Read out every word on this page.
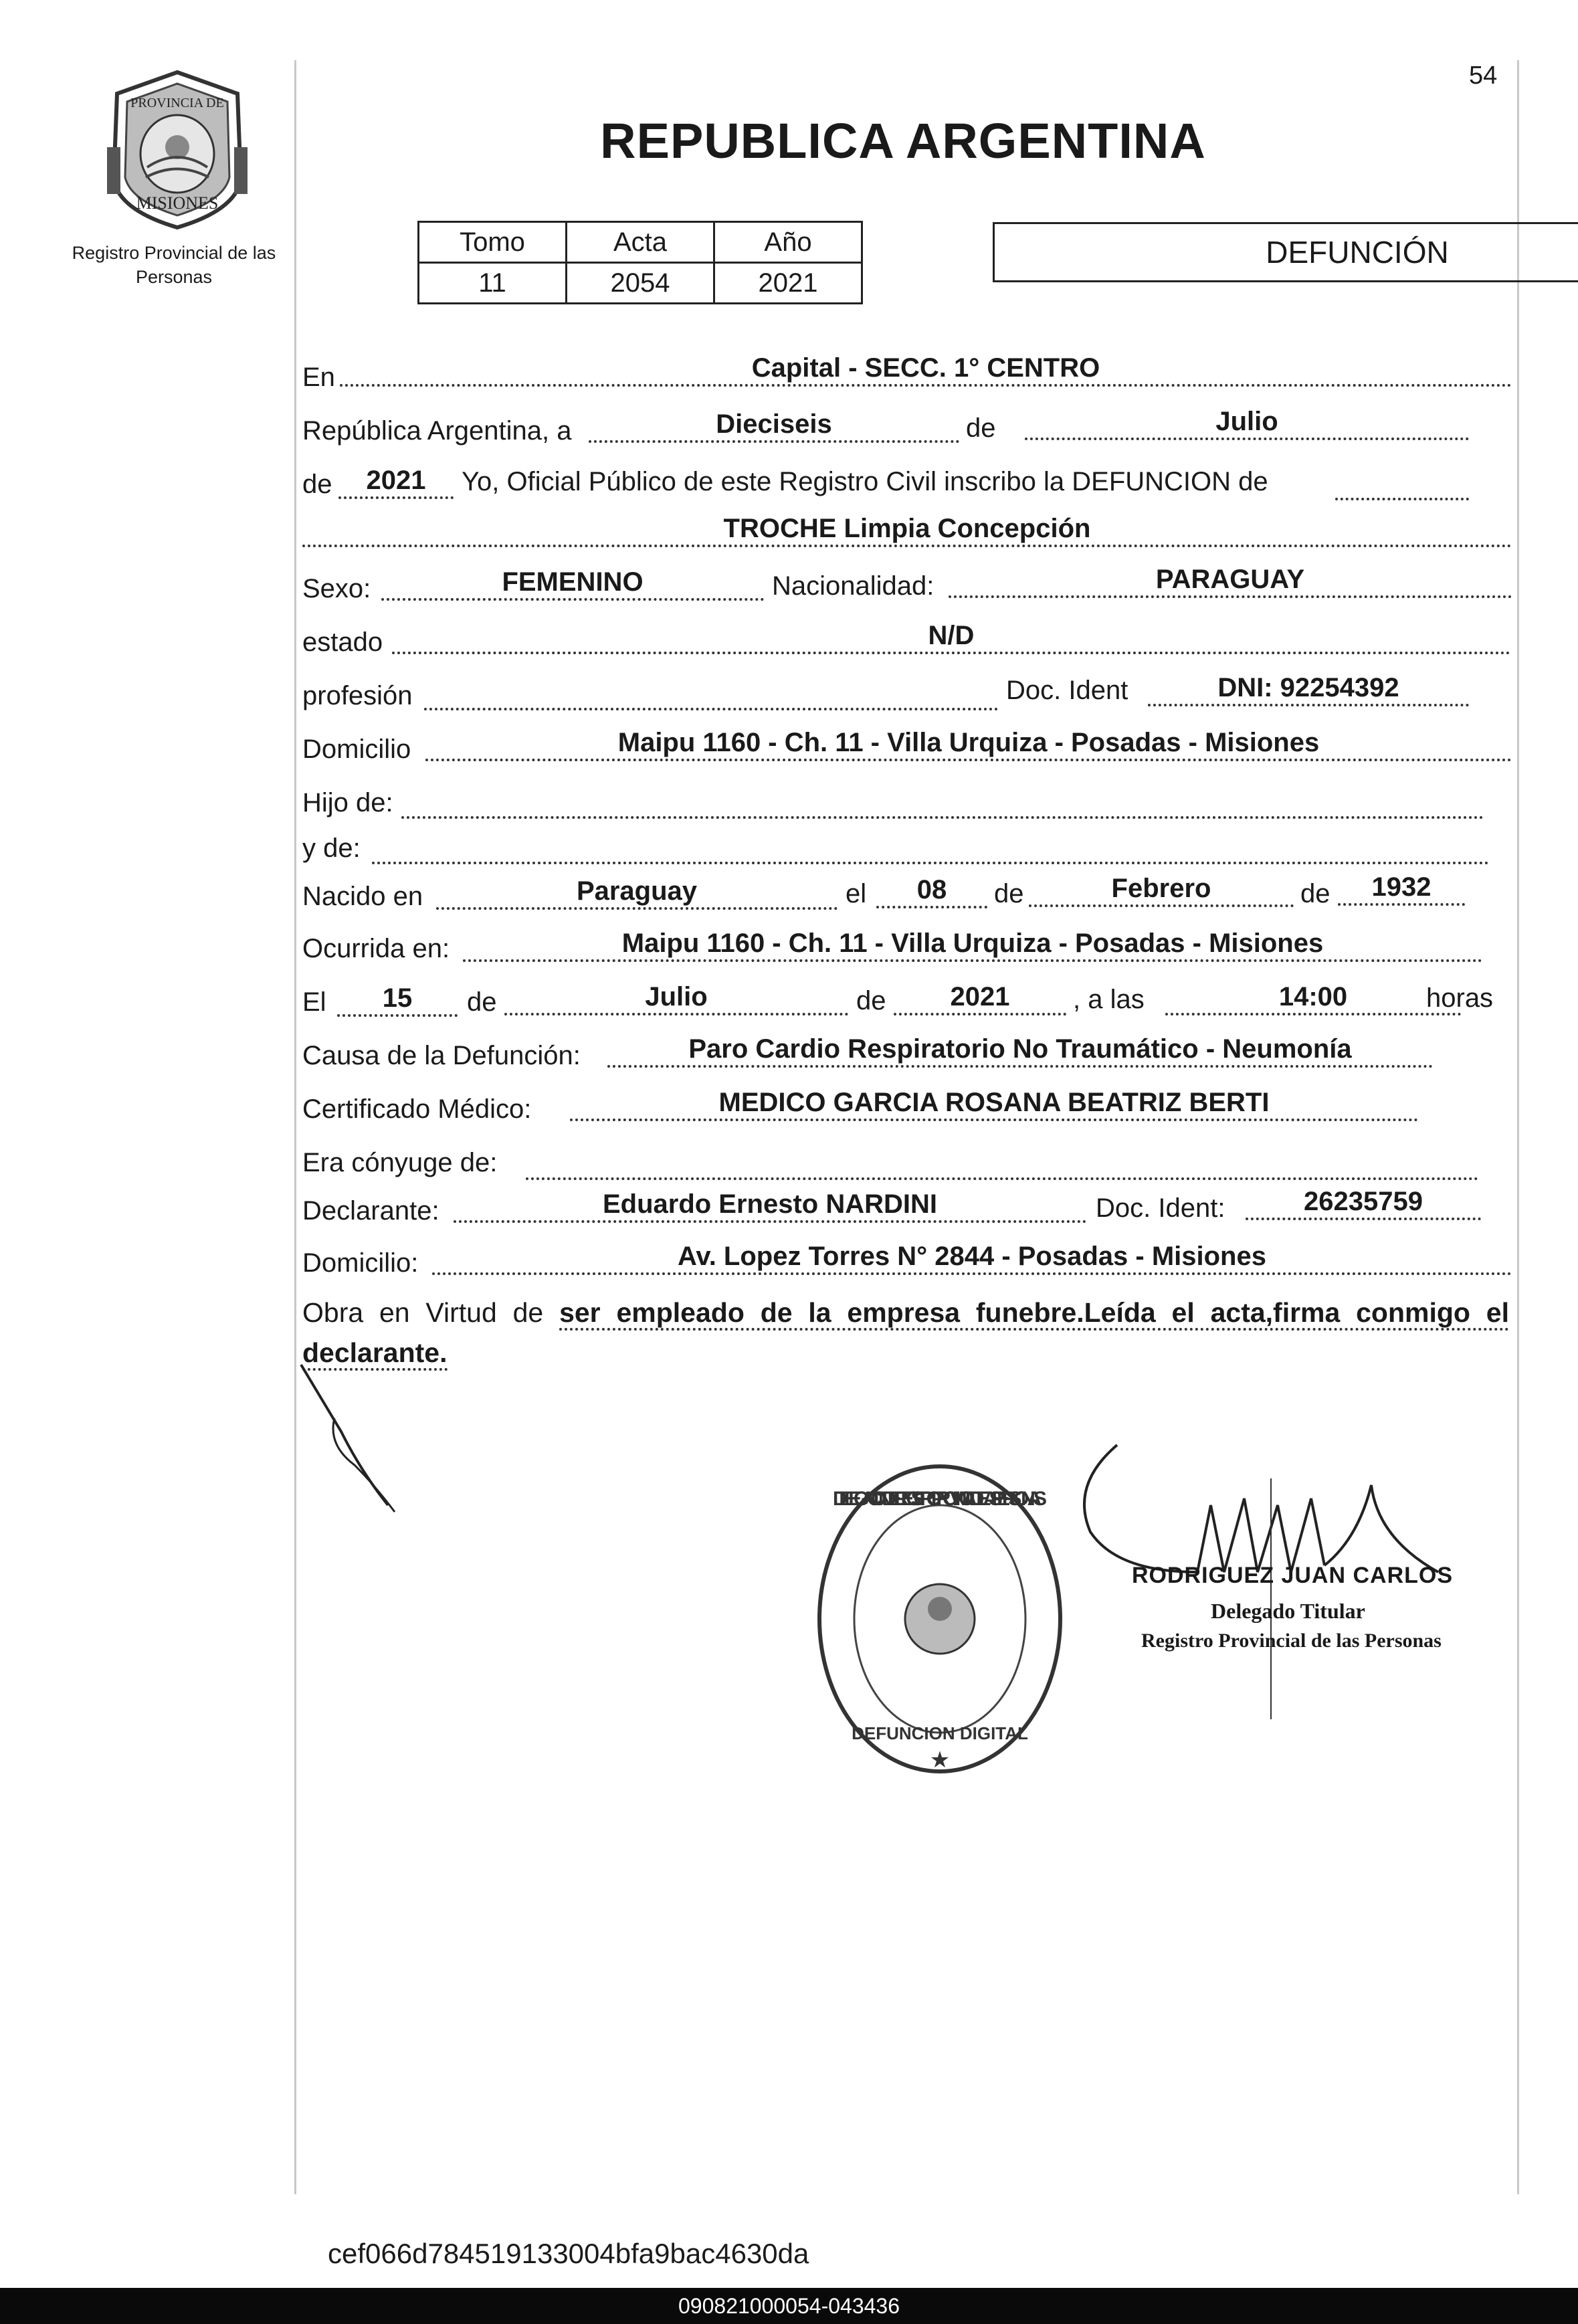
54
PROVINCIA DE
MISIONES
Registro Provincial de las Personas
REPUBLICA ARGENTINA
Tomo	Acta	Año
11	2054	2021
DEFUNCIÓN
En	Capital - SECC. 1° CENTRO
República Argentina, a	Dieciseis	de	Julio
de	2021	Yo, Oficial Público de este Registro Civil inscribo la DEFUNCION de
TROCHE Limpia Concepción
Sexo:	FEMENINO	Nacionalidad:	PARAGUAY
estado	N/D
profesión	Doc. Ident	DNI: 92254392
Domicilio	Maipu 1160 - Ch. 11 - Villa Urquiza - Posadas - Misiones
Hijo de:
y de:
Nacido en	Paraguay	el	08	de	Febrero	de	1932
Ocurrida en:	Maipu 1160 - Ch. 11 - Villa Urquiza - Posadas - Misiones
El	15	de	Julio	de	2021	, a las	14:00	horas
Causa de la Defunción:	Paro Cardio Respiratorio No Traumático - Neumonía
Certificado Médico:	MEDICO GARCIA ROSANA BEATRIZ BERTI
Era cónyuge de:
Declarante:	Eduardo Ernesto NARDINI	Doc. Ident:	26235759
Domicilio:	Av. Lopez Torres N° 2844 - Posadas - Misiones
Obra en Virtud de ser empleado de la empresa funebre.Leída el acta,firma conmigo el declarante.
DELEGACION DEL REGISTRO PROVINCIAL DE LAS PERSONAS
DEFUNCION DIGITAL
★
RODRIGUEZ JUAN CARLOS
Delegado Titular
Registro Provincial de las Personas
cef066d784519133004bfa9bac4630da
090821000054-043436
